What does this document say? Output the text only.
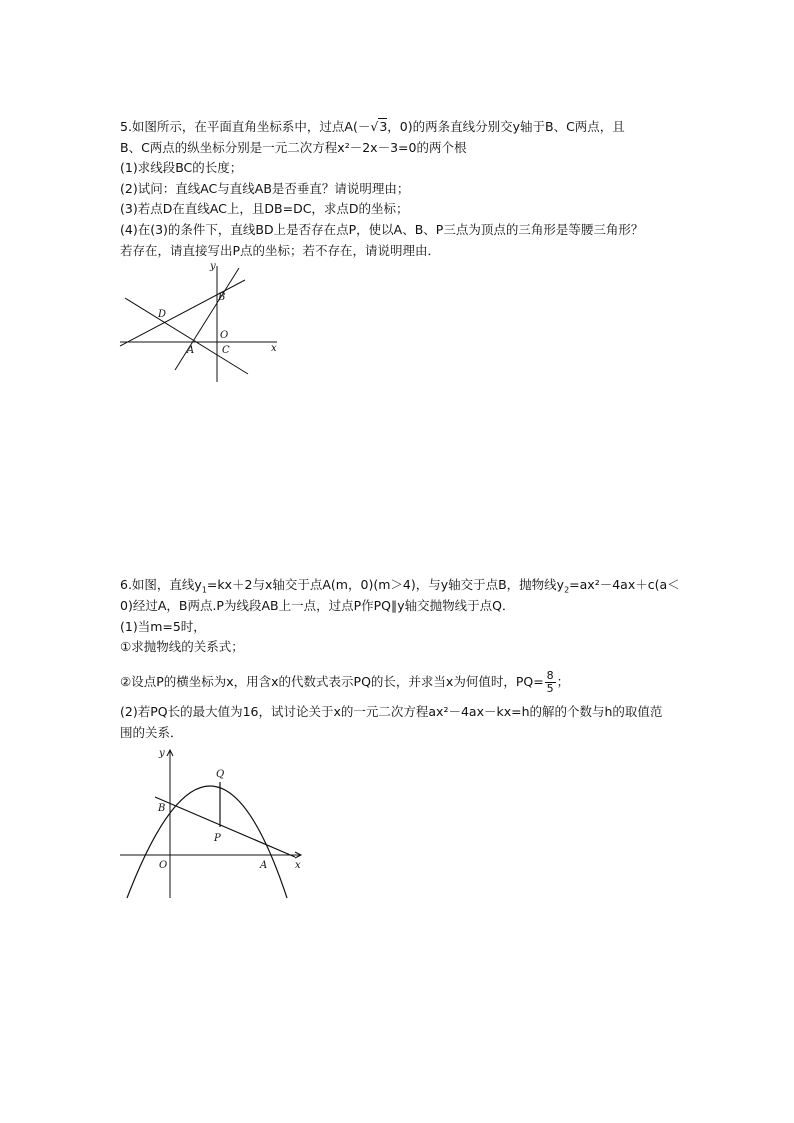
5.如图所示，在平面直角坐标系中，过点A(－√3，0)的两条直线分别交y轴于B、C两点，且
B、C两点的纵坐标分别是一元二次方程x²－2x－3=0的两个根
(1)求线段BC的长度；
(2)试问：直线AC与直线AB是否垂直？请说明理由；
(3)若点D在直线AC上，且DB=DC，求点D的坐标；
(4)在(3)的条件下，直线BD上是否存在点P，使以A、B、P三点为顶点的三角形是等腰三角形？
若存在，请直接写出P点的坐标；若不存在，请说明理由．
y
B
D
O
A	C	x
6.如图，直线$y_1=kx+2$与x轴交于点A(m，0)(m＞4)，与y轴交于点B，抛物线$y_2=ax^2-4ax+c(a<$
0)经过A，B两点.P为线段AB上一点，过点P作PQ∥y轴交抛物线于点Q．
(1)当m=5时，
①求抛物线的关系式；
②设点P的横坐标为x，用含x的代数式表示PQ的长，并求当x为何值时，$PQ= \frac{8}{5}$ ；
(2)若PQ长的最大值为16，试讨论关于x的一元二次方程ax²－4ax－kx=h的解的个数与h的取值范
围的关系．
y
Q
B
P
O	A	x
